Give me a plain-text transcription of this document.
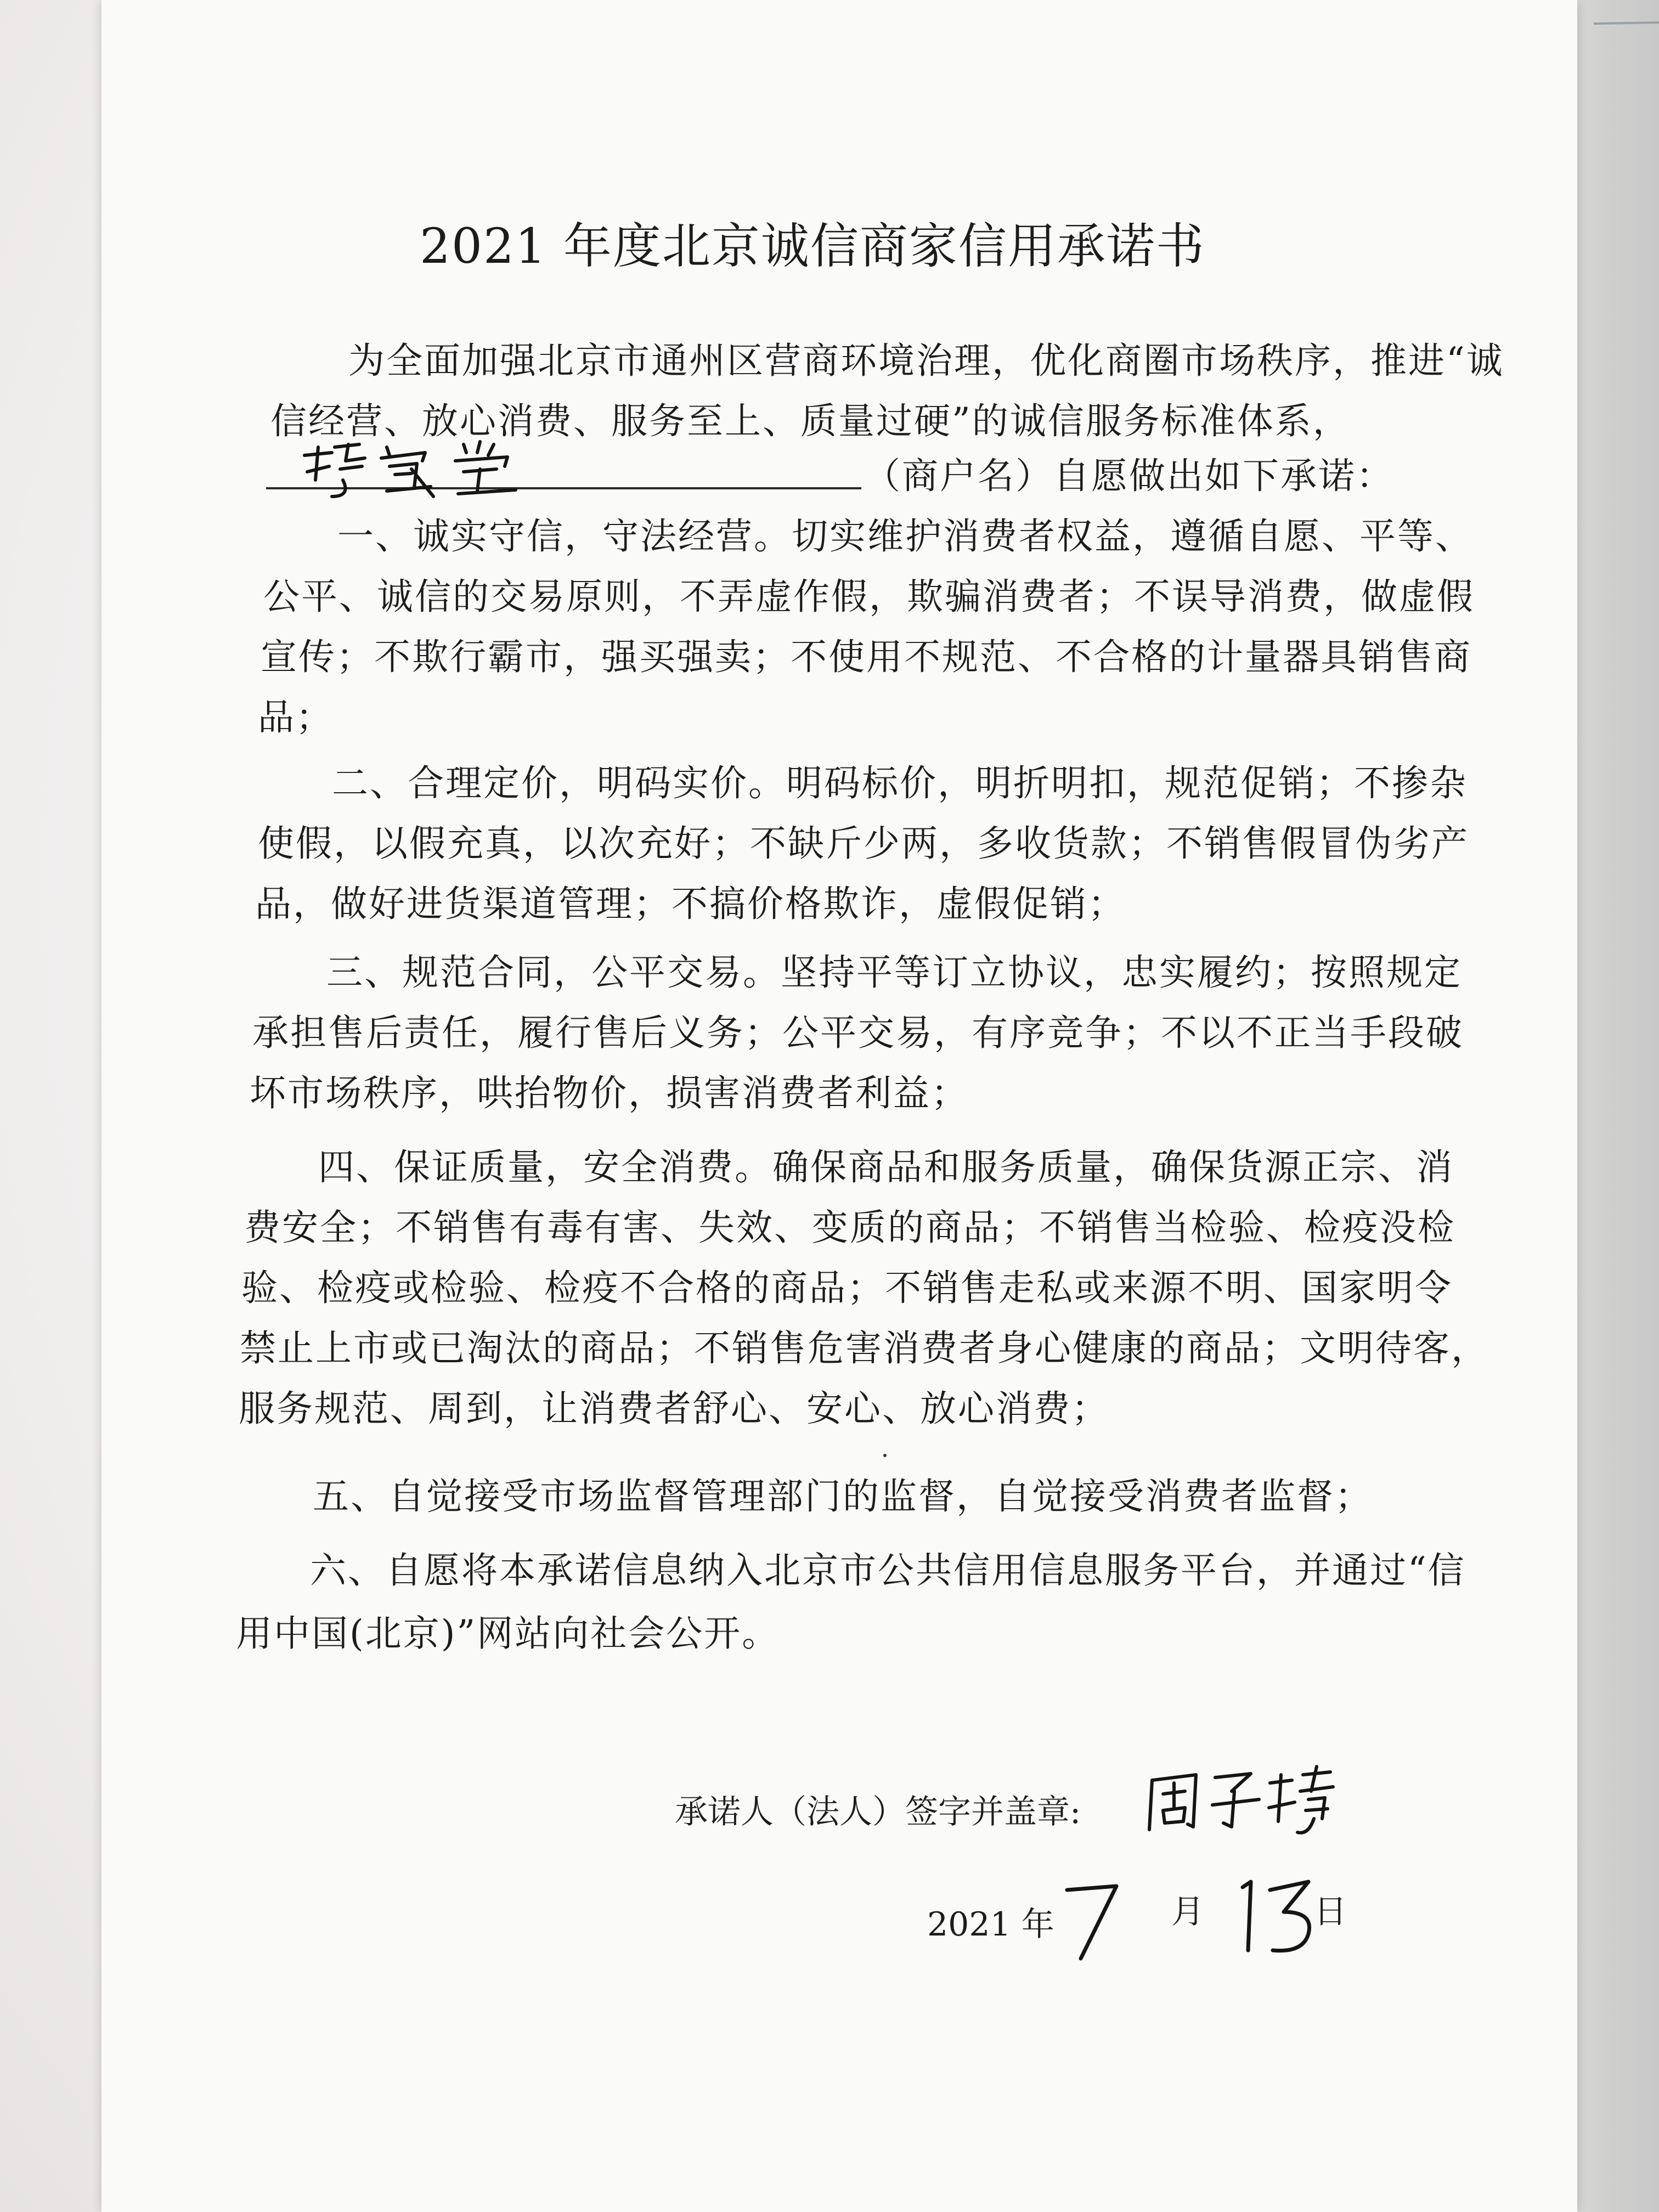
2021 年度北京诚信商家信用承诺书
为全面加强北京市通州区营商环境治理，优化商圈市场秩序，推进“诚
信经营、放心消费、服务至上、质量过硬”的诚信服务标准体系，
（商户名）自愿做出如下承诺：
一、诚实守信，守法经营。切实维护消费者权益，遵循自愿、平等、
公平、诚信的交易原则，不弄虚作假，欺骗消费者；不误导消费，做虚假
宣传；不欺行霸市，强买强卖；不使用不规范、不合格的计量器具销售商
品；
二、合理定价，明码实价。明码标价，明折明扣，规范促销；不掺杂
使假，以假充真，以次充好；不缺斤少两，多收货款；不销售假冒伪劣产
品，做好进货渠道管理；不搞价格欺诈，虚假促销；
三、规范合同，公平交易。坚持平等订立协议，忠实履约；按照规定
承担售后责任，履行售后义务；公平交易，有序竞争；不以不正当手段破
坏市场秩序，哄抬物价，损害消费者利益；
四、保证质量，安全消费。确保商品和服务质量，确保货源正宗、消
费安全；不销售有毒有害、失效、变质的商品；不销售当检验、检疫没检
验、检疫或检验、检疫不合格的商品；不销售走私或来源不明、国家明令
禁止上市或已淘汰的商品；不销售危害消费者身心健康的商品；文明待客，
服务规范、周到，让消费者舒心、安心、放心消费；
五、自觉接受市场监督管理部门的监督，自觉接受消费者监督；
六、自愿将本承诺信息纳入北京市公共信用信息服务平台，并通过“信
用中国(北京)”网站向社会公开。
承诺人（法人）签字并盖章:
2021 年	月	日
